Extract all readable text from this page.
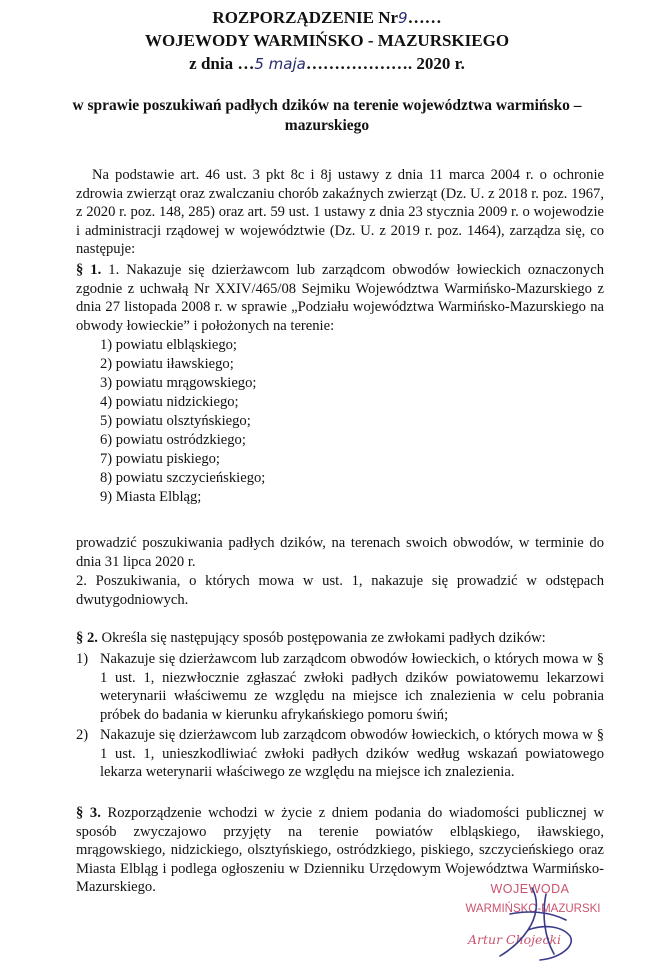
ROZPORZĄDZENIE Nr9……
WOJEWODY WARMIŃSKO - MAZURSKIEGO
z dnia …5 maja………………. 2020 r.
w sprawie poszukiwań padłych dzików na terenie województwa warmińsko – mazurskiego
Na podstawie art. 46 ust. 3 pkt 8c i 8j ustawy z dnia 11 marca 2004 r. o ochronie zdrowia zwierząt oraz zwalczaniu chorób zakaźnych zwierząt (Dz. U. z 2018 r. poz. 1967, z 2020 r. poz. 148, 285) oraz art. 59 ust. 1 ustawy z dnia 23 stycznia 2009 r. o wojewodzie i administracji rządowej w województwie (Dz. U. z 2019 r. poz. 1464), zarządza się, co następuje:
§ 1. 1. Nakazuje się dzierżawcom lub zarządcom obwodów łowieckich oznaczonych zgodnie z uchwałą Nr XXIV/465/08 Sejmiku Województwa Warmińsko-Mazurskiego z dnia 27 listopada 2008 r. w sprawie „Podziału województwa Warmińsko-Mazurskiego na obwody łowieckie” i położonych na terenie:
1) powiatu elbląskiego;
2) powiatu iławskiego;
3) powiatu mrągowskiego;
4) powiatu nidzickiego;
5) powiatu olsztyńskiego;
6) powiatu ostródzkiego;
7) powiatu piskiego;
8) powiatu szczycieńskiego;
9) Miasta Elbląg;
prowadzić poszukiwania padłych dzików, na terenach swoich obwodów, w terminie do dnia 31 lipca 2020 r.
2. Poszukiwania, o których mowa w ust. 1, nakazuje się prowadzić w odstępach dwutygodniowych.
§ 2. Określa się następujący sposób postępowania ze zwłokami padłych dzików:
1) Nakazuje się dzierżawcom lub zarządcom obwodów łowieckich, o których mowa w § 1 ust. 1, niezwłocznie zgłaszać zwłoki padłych dzików powiatowemu lekarzowi weterynarii właściwemu ze względu na miejsce ich znalezienia w celu pobrania próbek do badania w kierunku afrykańskiego pomoru świń;
2) Nakazuje się dzierżawcom lub zarządcom obwodów łowieckich, o których mowa w § 1 ust. 1, unieszkodliwiać zwłoki padłych dzików według wskazań powiatowego lekarza weterynarii właściwego ze względu na miejsce ich znalezienia.
§ 3. Rozporządzenie wchodzi w życie z dniem podania do wiadomości publicznej w sposób zwyczajowo przyjęty na terenie powiatów elbląskiego, iławskiego, mrągowskiego, nidzickiego, olsztyńskiego, ostródzkiego, piskiego, szczycieńskiego oraz Miasta Elbląg i podlega ogłoszeniu w Dzienniku Urzędowym Województwa Warmińsko-Mazurskiego.	WOJEWODA
WARMIŃSKO-MAZURSKI
Artur Chojecki
